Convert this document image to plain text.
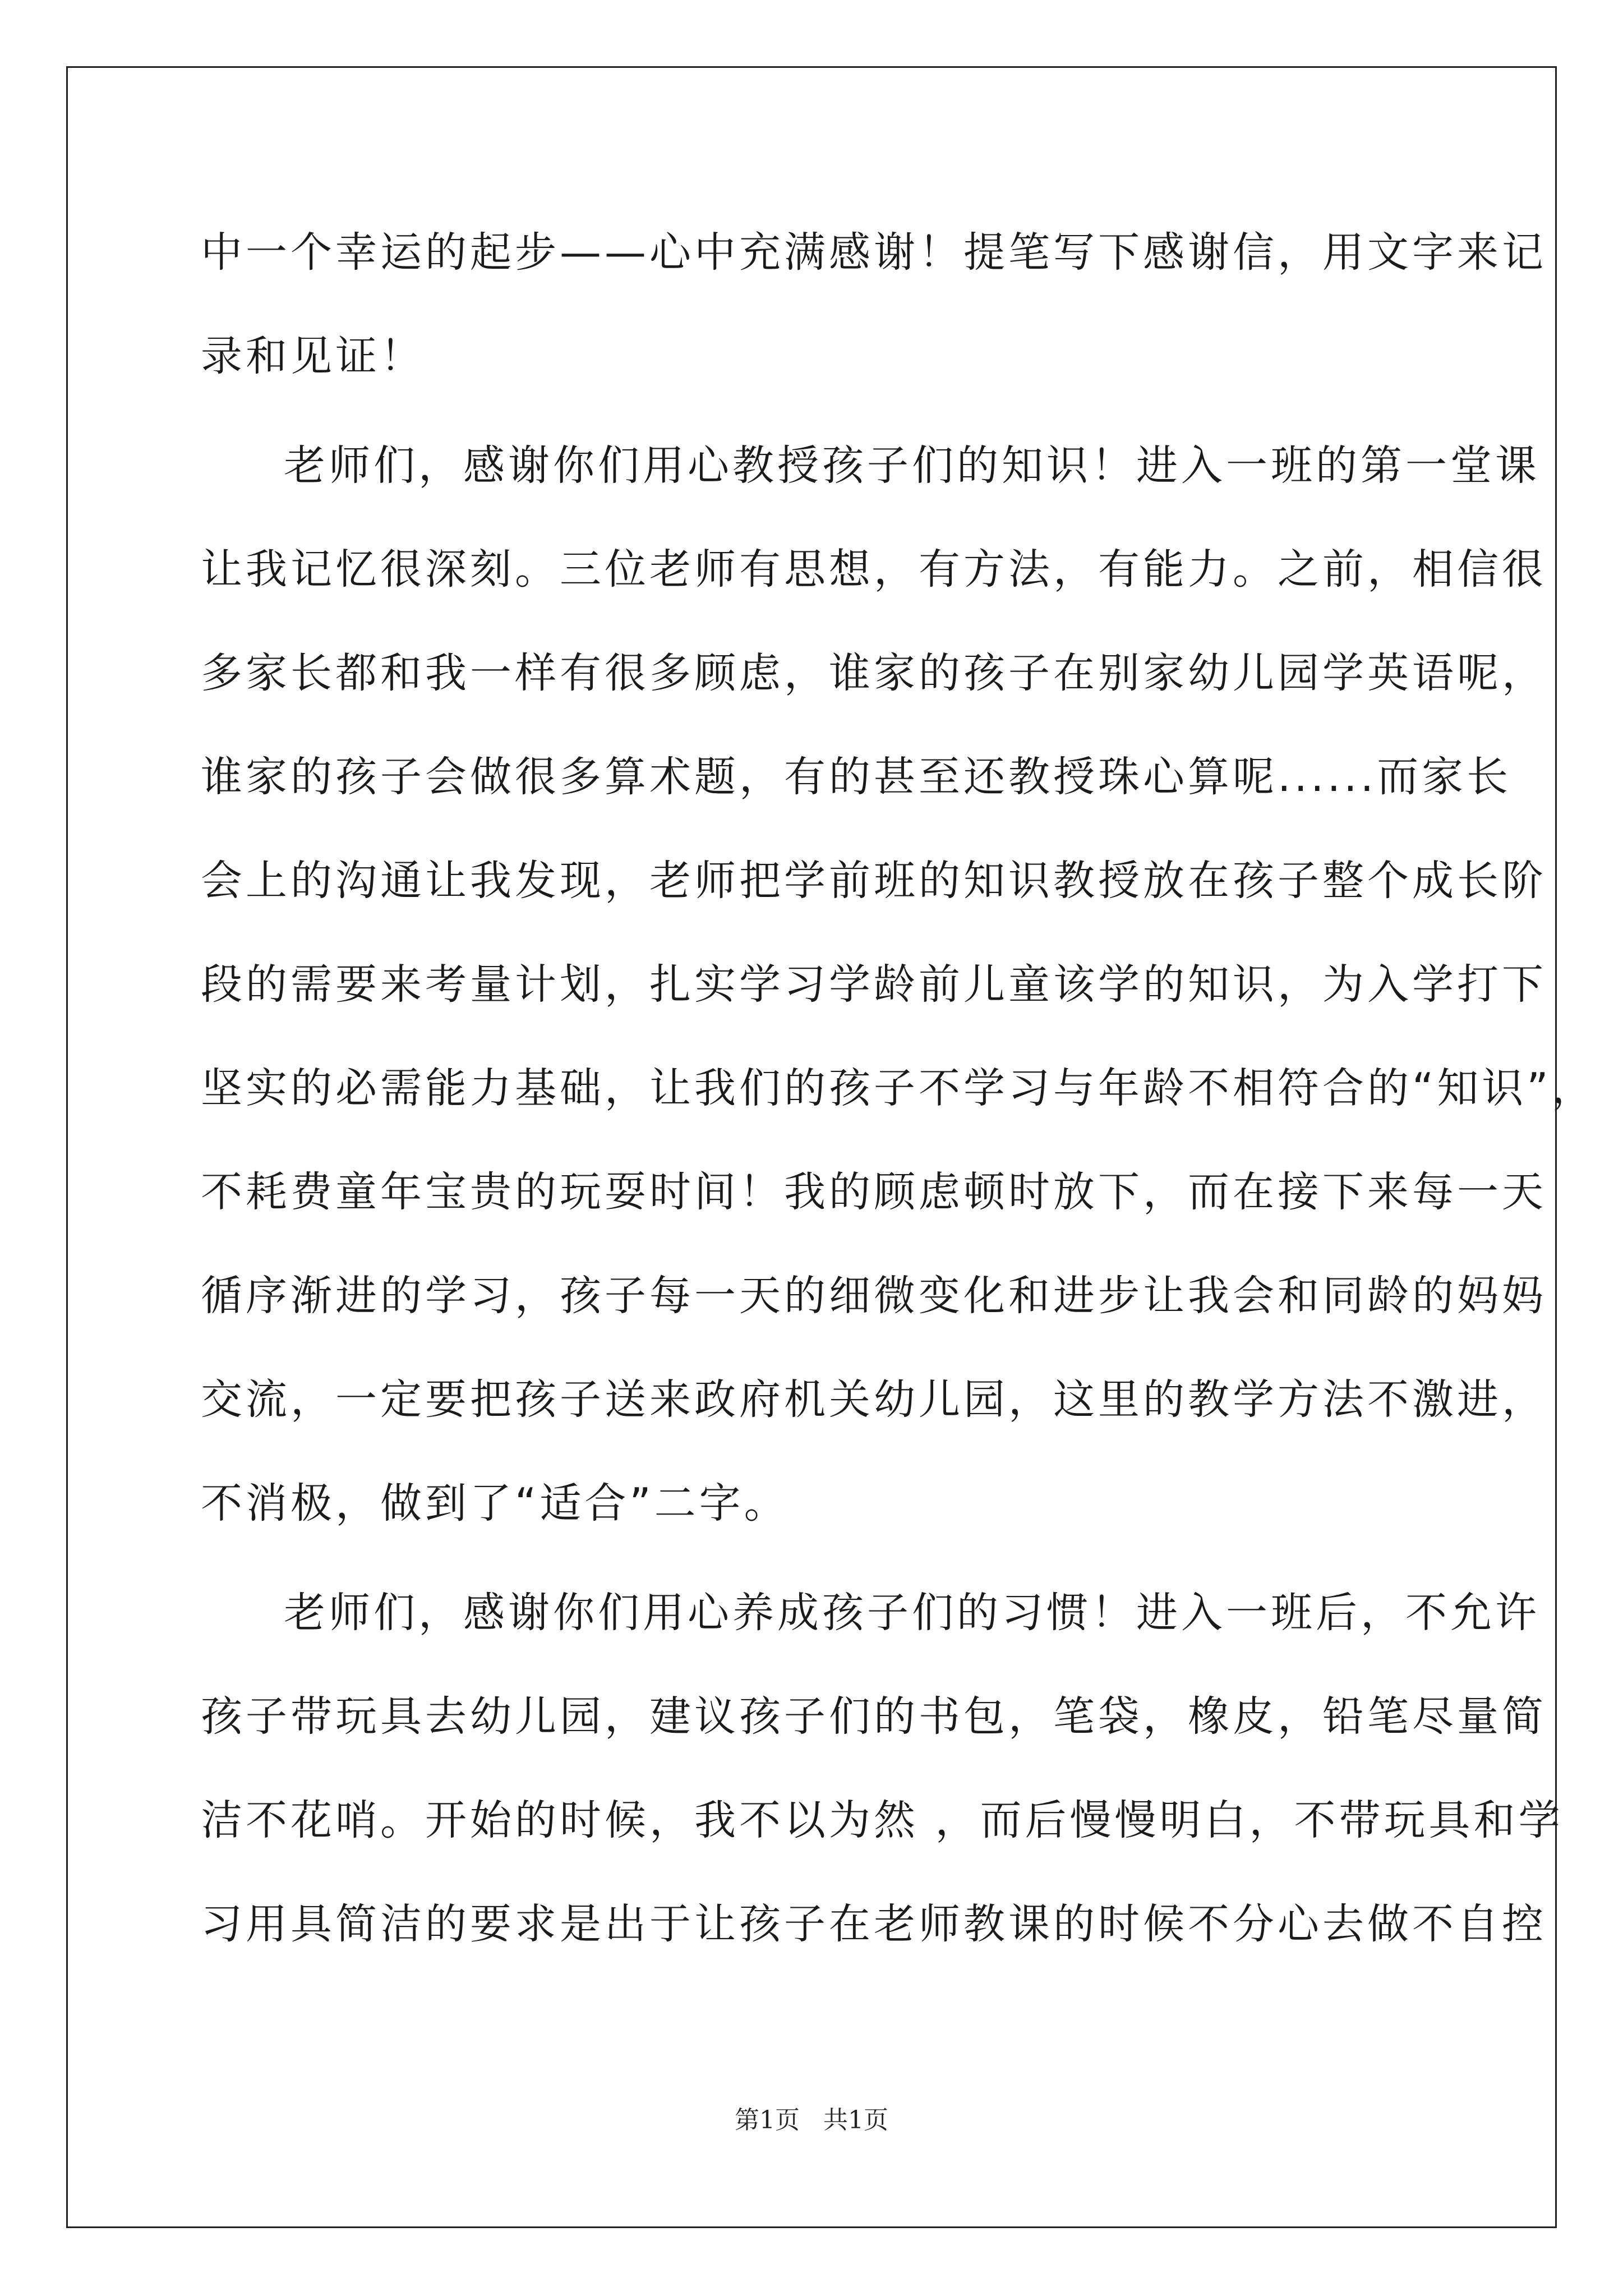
中一个幸运的起步——心中充满感谢！提笔写下感谢信，用文字来记
录和见证！
老师们，感谢你们用心教授孩子们的知识！进入一班的第一堂课
让我记忆很深刻。三位老师有思想，有方法，有能力。之前，相信很
多家长都和我一样有很多顾虑，谁家的孩子在别家幼儿园学英语呢，
谁家的孩子会做很多算术题，有的甚至还教授珠心算呢......而家长
会上的沟通让我发现，老师把学前班的知识教授放在孩子整个成长阶
段的需要来考量计划，扎实学习学龄前儿童该学的知识，为入学打下
坚实的必需能力基础，让我们的孩子不学习与年龄不相符合的“知识”，
不耗费童年宝贵的玩耍时间！我的顾虑顿时放下，而在接下来每一天
循序渐进的学习，孩子每一天的细微变化和进步让我会和同龄的妈妈
交流，一定要把孩子送来政府机关幼儿园，这里的教学方法不激进，
不消极，做到了“适合”二字。
老师们，感谢你们用心养成孩子们的习惯！进入一班后，不允许
孩子带玩具去幼儿园，建议孩子们的书包，笔袋，橡皮，铅笔尽量简
洁不花哨。开始的时候，我不以为然 ，而后慢慢明白，不带玩具和学
习用具简洁的要求是出于让孩子在老师教课的时候不分心去做不自控
第1页 共1页
